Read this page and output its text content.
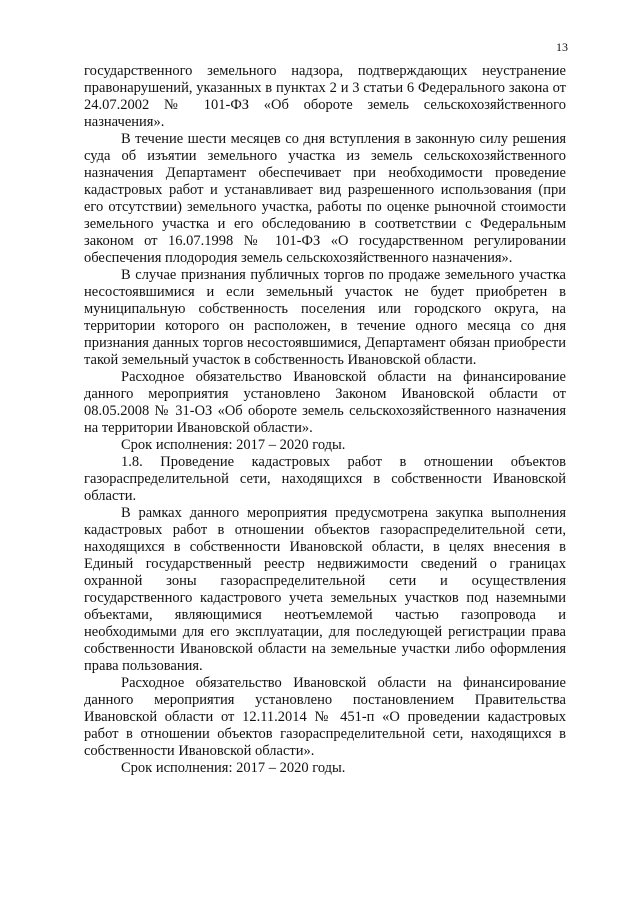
13

государственного земельного надзора, подтверждающих неустранение правонарушений, указанных в пунктах 2 и 3 статьи 6 Федерального закона от 24.07.2002 № 101-ФЗ «Об обороте земель сельскохозяйственного назначения».

В течение шести месяцев со дня вступления в законную силу решения суда об изъятии земельного участка из земель сельскохозяйственного назначения Департамент обеспечивает при необходимости проведение кадастровых работ и устанавливает вид разрешенного использования (при его отсутствии) земельного участка, работы по оценке рыночной стоимости земельного участка и его обследованию в соответствии с Федеральным законом от 16.07.1998 № 101-ФЗ «О государственном регулировании обеспечения плодородия земель сельскохозяйственного назначения».

В случае признания публичных торгов по продаже земельного участка несостоявшимися и если земельный участок не будет приобретен в муниципальную собственность поселения или городского округа, на территории которого он расположен, в течение одного месяца со дня признания данных торгов несостоявшимися, Департамент обязан приобрести такой земельный участок в собственность Ивановской области.

Расходное обязательство Ивановской области на финансирование данного мероприятия установлено Законом Ивановской области от 08.05.2008 № 31-ОЗ «Об обороте земель сельскохозяйственного назначения на территории Ивановской области».

Срок исполнения: 2017 – 2020 годы.

1.8. Проведение кадастровых работ в отношении объектов газораспределительной сети, находящихся в собственности Ивановской области.

В рамках данного мероприятия предусмотрена закупка выполнения кадастровых работ в отношении объектов газораспределительной сети, находящихся в собственности Ивановской области, в целях внесения в Единый государственный реестр недвижимости сведений о границах охранной зоны газораспределительной сети и осуществления государственного кадастрового учета земельных участков под наземными объектами, являющимися неотъемлемой частью газопровода и необходимыми для его эксплуатации, для последующей регистрации права собственности Ивановской области на земельные участки либо оформления права пользования.

Расходное обязательство Ивановской области на финансирование данного мероприятия установлено постановлением Правительства Ивановской области от 12.11.2014 № 451-п «О проведении кадастровых работ в отношении объектов газораспределительной сети, находящихся в собственности Ивановской области».

Срок исполнения: 2017 – 2020 годы.
